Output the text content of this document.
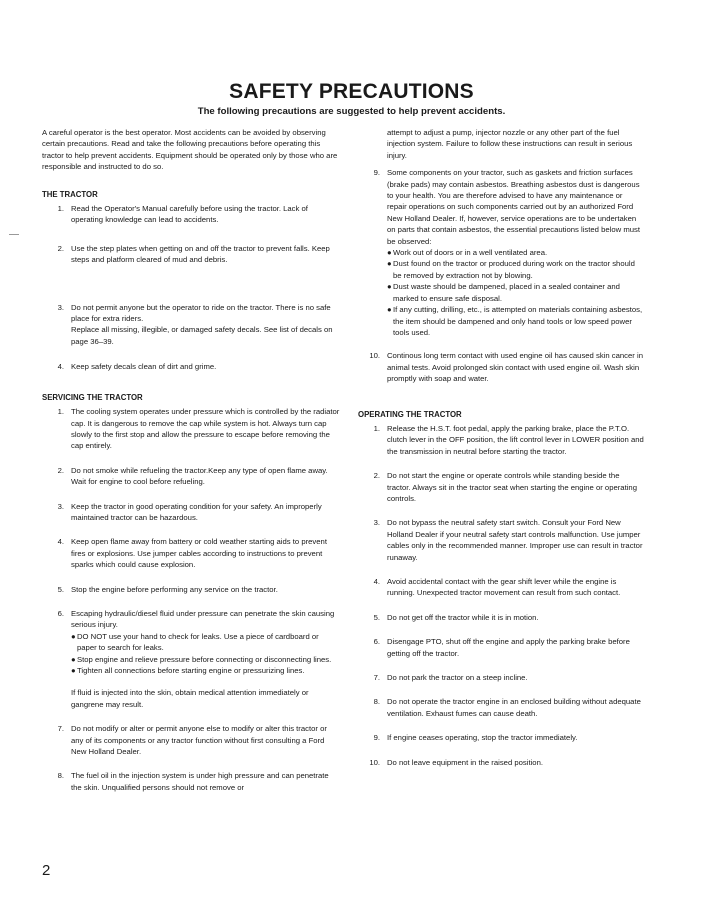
SAFETY PRECAUTIONS
The following precautions are suggested to help prevent accidents.

A careful operator is the best operator. Most accidents can be avoided by observing certain precautions. Read and take the following precautions before operating this tractor to help prevent accidents. Equipment should be operated only by those who are responsible and instructed to do so.

THE TRACTOR

1. Read the Operator's Manual carefully before using the tractor. Lack of operating knowledge can lead to accidents.
2. Use the step plates when getting on and off the tractor to prevent falls. Keep steps and platform cleared of mud and debris.
3. Do not permit anyone but the operator to ride on the tractor. There is no safe place for extra riders.

Replace all missing, illegible, or damaged safety decals. See list of decals on page 36–39.

4. Keep safety decals clean of dirt and grime.

SERVICING THE TRACTOR

1. The cooling system operates under pressure which is controlled by the radiator cap. It is dangerous to remove the cap while system is hot. Always turn cap slowly to the first stop and allow the pressure to escape before removing the cap entirely.
2. Do not smoke while refueling the tractor.Keep any type of open flame away. Wait for engine to cool before refueling.
3. Keep the tractor in good operating condition for your safety. An improperly maintained tractor can be hazardous.
4. Keep open flame away from battery or cold weather starting aids to prevent fires or explosions. Use jumper cables according to instructions to prevent sparks which could cause explosion.
5. Stop the engine before performing any service on the tractor.
6. Escaping hydraulic/diesel fluid under pressure can penetrate the skin causing serious injury.

● DO NOT use your hand to check for leaks. Use a piece of cardboard or paper to search for leaks.
● Stop engine and relieve pressure before connecting or disconnecting lines.
● Tighten all connections before starting engine or pressurizing lines.

If fluid is injected into the skin, obtain medical attention immediately or gangrene may result.

7. Do not modify or alter or permit anyone else to modify or alter this tractor or any of its components or any tractor function without first consulting a Ford New Holland Dealer.
8. The fuel oil in the injection system is under high pressure and can penetrate the skin. Unqualified persons should not remove or
attempt to adjust a pump, injector nozzle or any other part of the fuel injection system. Failure to follow these instructions can result in serious injury.
9. Some components on your tractor, such as gaskets and friction surfaces (brake pads) may contain asbestos. Breathing asbestos dust is dangerous to your health. You are therefore advised to have any maintenance or repair operations on such components carried out by an authorized Ford New Holland Dealer. If, however, service operations are to be undertaken on parts that contain asbestos, the essential precautions listed below must be observed:

● Work out of doors or in a well ventilated area.
● Dust found on the tractor or produced during work on the tractor should be removed by extraction not by blowing.
● Dust waste should be dampened, placed in a sealed container and marked to ensure safe disposal.
● If any cutting, drilling, etc., is attempted on materials containing asbestos, the item should be dampened and only hand tools or low speed power tools used.
10. Continous long term contact with used engine oil has caused skin cancer in animal tests. Avoid prolonged skin contact with used engine oil. Wash skin promptly with soap and water.

OPERATING THE TRACTOR

1. Release the H.S.T. foot pedal, apply the parking brake, place the P.T.O. clutch lever in the OFF position, the lift control lever in LOWER position and the transmission in neutral before starting the tractor.
2. Do not start the engine or operate controls while standing beside the tractor. Always sit in the tractor seat when starting the engine or operating controls.
3. Do not bypass the neutral safety start switch. Consult your Ford New Holland Dealer if your neutral safety start controls malfunction. Use jumper cables only in the recommended manner. Improper use can result in tractor runaway.
4. Avoid accidental contact with the gear shift lever while the engine is running. Unexpected tractor movement can result from such contact.
5. Do not get off the tractor while it is in motion.
6. Disengage PTO, shut off the engine and apply the parking brake before getting off the tractor.
7. Do not park the tractor on a steep incline.
8. Do not operate the tractor engine in an enclosed building without adequate ventilation. Exhaust fumes can cause death.
9. If engine ceases operating, stop the tractor immediately.
10. Do not leave equipment in the raised position.
2
